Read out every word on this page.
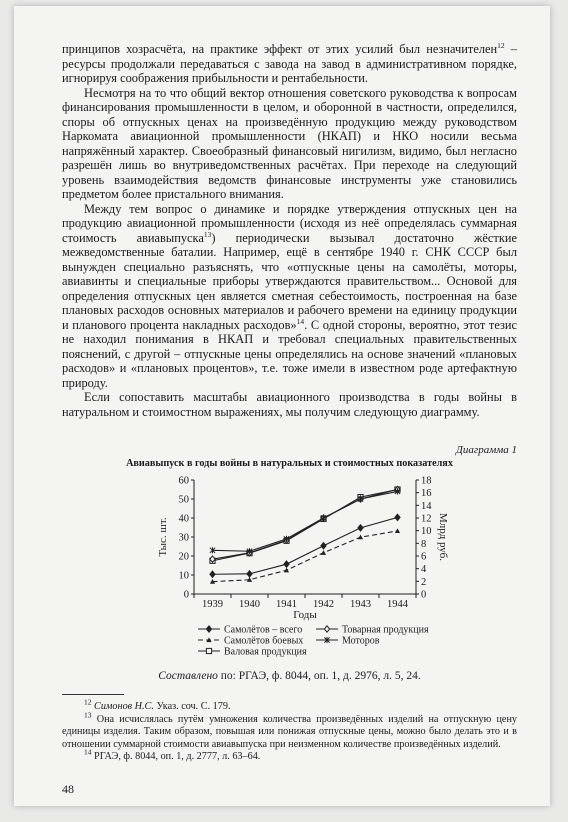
принципов хозрасчёта, на практике эффект от этих усилий был незначителен$^{12}$ – ресурсы продолжали передаваться с завода на завод в административном порядке, игнорируя соображения прибыльности и рентабельности.

Несмотря на то что общий вектор отношения советского руководства к вопросам финансирования промышленности в целом, и оборонной в частности, определился, споры об отпускных ценах на произведённую продукцию между руководством Наркомата авиационной промышленности (НКАП) и НКО носили весьма напряжённый характер. Своеобразный финансовый нигилизм, видимо, был негласно разрешён лишь во внутриведомственных расчётах. При переходе на следующий уровень взаимодействия ведомств финансовые инструменты уже становились предметом более пристального внимания.

Между тем вопрос о динамике и порядке утверждения отпускных цен на продукцию авиационной промышленности (исходя из неё определялась суммарная стоимость авиавыпуска$^{13}$) периодически вызывал достаточно жёсткие межведомственные баталии. Например, ещё в сентябре 1940 г. СНК СССР был вынужден специально разъяснять, что «отпускные цены на самолёты, моторы, авиавинты и специальные приборы утверждаются правительством... Основой для определения отпускных цен является сметная себестоимость, построенная на базе плановых расходов основных материалов и рабочего времени на единицу продукции и планового процента накладных расходов»$^{14}$. С одной стороны, вероятно, этот тезис не находил понимания в НКАП и требовал специальных правительственных пояснений, с другой – отпускные цены определялись на основе значений «плановых расходов» и «плановых процентов», т.е. тоже имели в известном роде артефактную природу.

Если сопоставить масштабы авиационного производства в годы войны в натуральном и стоимостном выражениях, мы получим следующую диаграмму.

Диаграмма 1
Авиавыпуск в годы войны в натуральных и стоимостных показателях
0
10
20
30
40
50
60
0
2
4
6
8
10
12
14
16
18
1939 1940 1941 1942 1943 1944
Годы
Тыс. шт.	Млрд руб.
Самолётов – всего
Самолётов боевых
Валовая продукция
Товарная продукция
Моторов
Составлено по: РГАЭ, ф. 8044, оп. 1, д. 2976, л. 5, 24.

$^{12}$ Симонов Н.С. Указ. соч. С. 179.

$^{13}$ Она исчислялась путём умножения количества произведённых изделий на отпускную цену единицы изделия. Таким образом, повышая или понижая отпускные цены, можно было делать это и в отношении суммарной стоимости авиавыпуска при неизменном количестве произведённых изделий.

$^{14}$ РГАЭ, ф. 8044, оп. 1, д. 2777, л. 63–64.

48
